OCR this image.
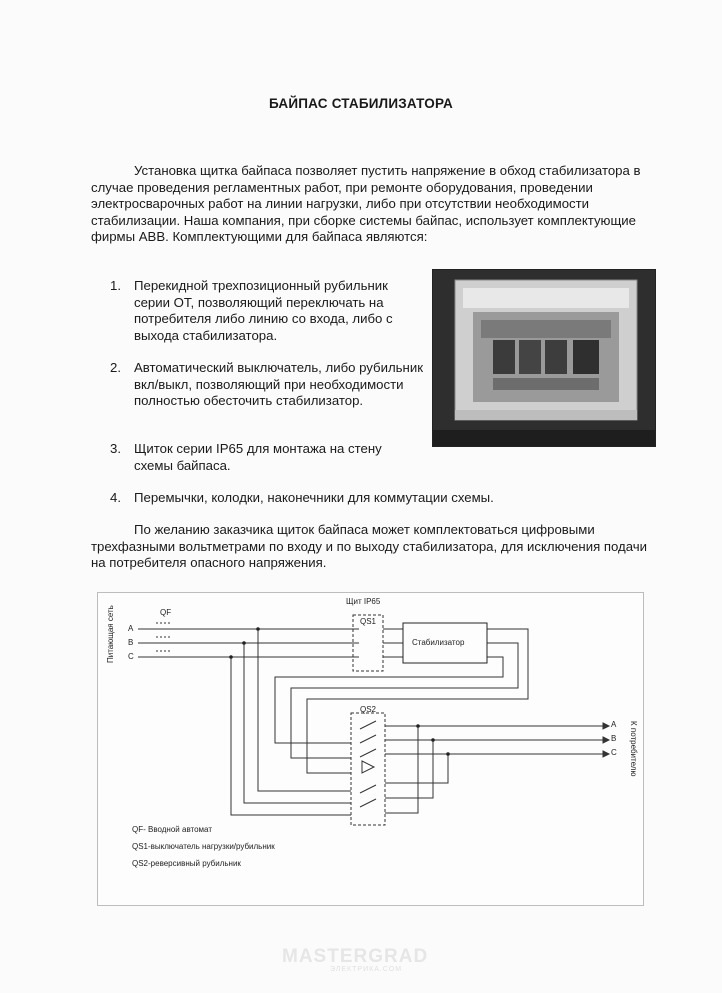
БАЙПАС СТАБИЛИЗАТОРА
Установка щитка байпаса позволяет пустить напряжение в обход стабилизатора в случае проведения регламентных работ, при ремонте оборудования, проведении электросварочных работ на линии нагрузки, либо при отсутствии необходимости стабилизации. Наша компания, при сборке системы байпас, использует комплектующие фирмы ABB. Комплектующими для байпаса являются:
1. Перекидной трехпозиционный рубильник серии ОТ, позволяющий переключать на потребителя либо линию со входа, либо с выхода стабилизатора.
2. Автоматический выключатель, либо рубильник вкл/выкл, позволяющий при необходимости полностью обесточить стабилизатор.
3. Щиток серии IP65 для монтажа на стену схемы байпаса.
4. Перемычки, колодки, наконечники для коммутации схемы.
По желанию заказчика щиток байпаса может комплектоваться цифровыми трехфазными вольтметрами по входу и по выходу стабилизатора, для исключения подачи на потребителя опасного напряжения.
Питающая сеть	QF
A
B
C
Щит IP65
QS1
QS2
Стабилизатор
A
B
C К потребителю
QF- Вводной автомат
QS1-выключатель нагрузки/рубильник
QS2-реверсивный рубильник
MASTERGRAD
ЭЛЕКТРИКА.COM
